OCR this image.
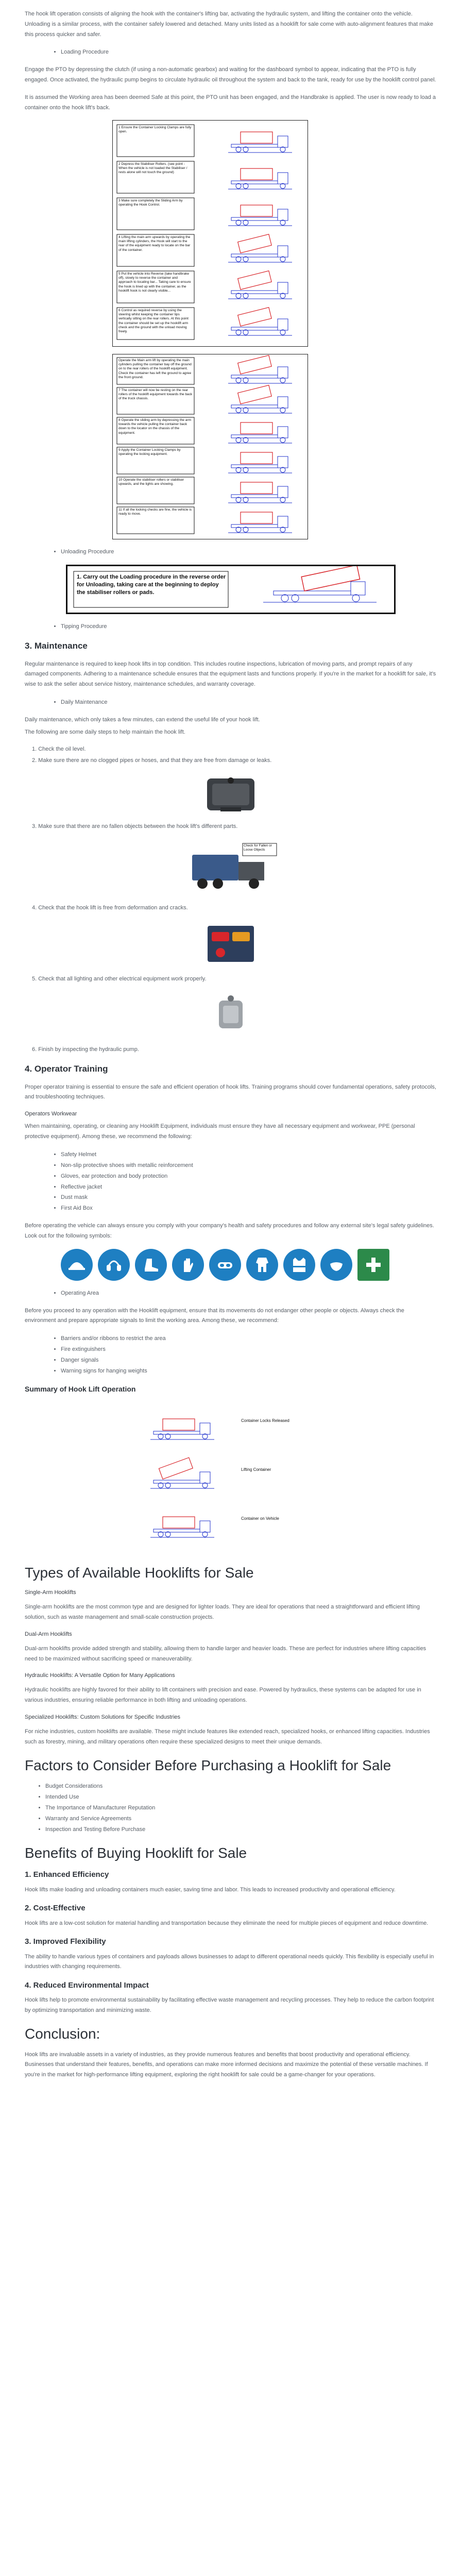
The hook lift operation consists of aligning the hook with the container's lifting bar, activating the hydraulic system, and lifting the container onto the vehicle. Unloading is a similar process, with the container safely lowered and detached. Many units listed as a hooklift for sale come with auto-alignment features that make this process quicker and safer.

• Loading Procedure

Engage the PTO by depressing the clutch (if using a non-automatic gearbox) and waiting for the dashboard symbol to appear, indicating that the PTO is fully engaged. Once activated, the hydraulic pump begins to circulate hydraulic oil throughout the system and back to the tank, ready for use by the hooklift control panel.

It is assumed the Working area has been deemed Safe at this point, the PTO unit has been engaged, and the Handbrake is applied. The user is now ready to load a container onto the hook lift's back.

1 Ensure the Container Locking Clamps are fully open.
2 Depress the Stabiliser Rollers. (see point - When the vehicle is not loaded the Stabiliser / rests alone will not touch the ground)
3 Make sure completely the Sliding Arm by operating the Hook Control.
4 Lifting the main arm upwards by operating the main lifting cylinders, the Hook will start to the rear of the equipment ready to locate on the bar of the container.
5 Put the vehicle into Reverse (take handbrake off), slowly to reverse the container and approach to locating bar... Taking care to ensure the hook is lined up with the container, as the hooklift hook is not clearly visible...
6 Control as required reverse by using the steering whilst keeping the container tips vertically sitting on the rear rollers. At this point the container should be set up the hooklift arm check and the ground with the unload moving freely.
Operate the Main arm lift by operating the main cylinders pulling the container bay off the ground on to the rear rollers of the hooklift equipment. Check the container has left the ground to agree the front ground.
7 The container will now be resting on the rear rollers of the hooklift equipment towards the back of the truck chassis.
8 Operate the sliding arm by depressing the arm towards the vehicle pulling the container back down to the locator on the chassis of the equipment.
9 Apply the Container Locking Clamps by operating the locking equipment.
10 Operate the stabiliser rollers or stabiliser upwards, and the lights are showing.
11 If all the locking checks are fine, the vehicle is ready to move.
• Unloading Procedure
1. Carry out the Loading procedure in the reverse order for Unloading, taking care at the beginning to deploy the stabiliser rollers or pads.
• Tipping Procedure
3. Maintenance

Regular maintenance is required to keep hook lifts in top condition. This includes routine inspections, lubrication of moving parts, and prompt repairs of any damaged components. Adhering to a maintenance schedule ensures that the equipment lasts and functions properly. If you're in the market for a hooklift for sale, it's wise to ask the seller about service history, maintenance schedules, and warranty coverage.

• Daily Maintenance

Daily maintenance, which only takes a few minutes, can extend the useful life of your hook lift.

The following are some daily steps to help maintain the hook lift.

1. Check the oil level.

2. Make sure there are no clogged pipes or hoses, and that they are free from damage or leaks.

3. Make sure that there are no fallen objects between the hook lift's different parts.

Check for Fallen or Loose Objects

4. Check that the hook lift is free from deformation and cracks.

5. Check that all lighting and other electrical equipment work properly.

6. Finish by inspecting the hydraulic pump.

4. Operator Training

Proper operator training is essential to ensure the safe and efficient operation of hook lifts. Training programs should cover fundamental operations, safety protocols, and troubleshooting techniques.

Operators Workwear

When maintaining, operating, or cleaning any Hooklift Equipment, individuals must ensure they have all necessary equipment and workwear, PPE (personal protective equipment). Among these, we recommend the following:

• Safety Helmet
• Non-slip protective shoes with metallic reinforcement
• Gloves, ear protection and body protection
• Reflective jacket
• Dust mask
• First Aid Box

Before operating the vehicle can always ensure you comply with your company's health and safety procedures and follow any external site's legal safety guidelines. Look out for the following symbols:

• Operating Area

Before you proceed to any operation with the Hooklift equipment, ensure that its movements do not endanger other people or objects. Always check the environment and prepare appropriate signals to limit the working area. Among these, we recommend:

• Barriers and/or ribbons to restrict the area
• Fire extinguishers
• Danger signals
• Warning signs for hanging weights
Summary of Hook Lift Operation
Container Locks Released
Lifting Container
Container on Vehicle
Types of Available Hooklifts for Sale
Single-Arm Hooklifts

Single-arm hooklifts are the most common type and are designed for lighter loads. They are ideal for operations that need a straightforward and efficient lifting solution, such as waste management and small-scale construction projects.

Dual-Arm Hooklifts

Dual-arm hooklifts provide added strength and stability, allowing them to handle larger and heavier loads. These are perfect for industries where lifting capacities need to be maximized without sacrificing speed or maneuverability.

Hydraulic Hooklifts: A Versatile Option for Many Applications

Hydraulic hooklifts are highly favored for their ability to lift containers with precision and ease. Powered by hydraulics, these systems can be adapted for use in various industries, ensuring reliable performance in both lifting and unloading operations.

Specialized Hooklifts: Custom Solutions for Specific Industries

For niche industries, custom hooklifts are available. These might include features like extended reach, specialized hooks, or enhanced lifting capacities. Industries such as forestry, mining, and military operations often require these specialized designs to meet their unique demands.

Factors to Consider Before Purchasing a Hooklift for Sale
• Budget Considerations
• Intended Use
• The Importance of Manufacturer Reputation
• Warranty and Service Agreements
• Inspection and Testing Before Purchase
Benefits of Buying Hooklift for Sale
1. Enhanced Efficiency

Hook lifts make loading and unloading containers much easier, saving time and labor. This leads to increased productivity and operational efficiency.

2. Cost-Effective

Hook lifts are a low-cost solution for material handling and transportation because they eliminate the need for multiple pieces of equipment and reduce downtime.

3. Improved Flexibility

The ability to handle various types of containers and payloads allows businesses to adapt to different operational needs quickly. This flexibility is especially useful in industries with changing requirements.

4. Reduced Environmental Impact

Hook lifts help to promote environmental sustainability by facilitating effective waste management and recycling processes. They help to reduce the carbon footprint by optimizing transportation and minimizing waste.

Conclusion:

Hook lifts are invaluable assets in a variety of industries, as they provide numerous features and benefits that boost productivity and operational efficiency. Businesses that understand their features, benefits, and operations can make more informed decisions and maximize the potential of these versatile machines. If you're in the market for high-performance lifting equipment, exploring the right hooklift for sale could be a game-changer for your operations.
